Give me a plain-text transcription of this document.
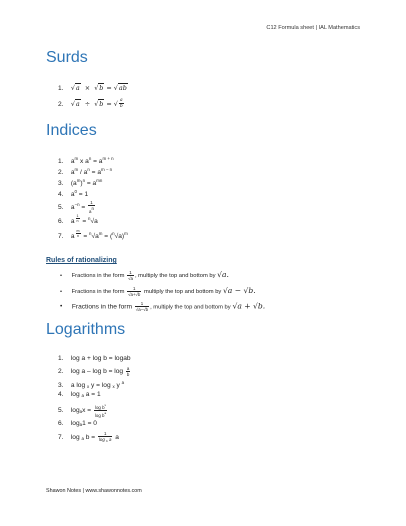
C12 Formula sheet | IAL Mathematics
Surds
1. √a  ×  √b = √ab
2. √a  ÷  √b = √ $\frac{a}{b}$
Indices
1. $a^m$ x $a^n = a^{m + n}$
2. $a^m / a^n = a^{m - n}$
3. $(a^m)^n = a^{mn}$
4. $a^0 = 1$
5. $a^{-n} = \frac{1}{a^n}$
6. a $^{\frac{1}{n}}$ = $^n$√a
7. a $^{\frac{m}{n}} = ^n√a^m = (^n√a)^m$
Rules of rationalizing
• Fractions in the form $\frac{1}{√a}$ , multiply the top and bottom by √a.
• Fractions in the form $\frac{1}{√a+√b}$ multiply the top and bottom by √a − √b.
• Fractions in the form $\frac{1}{√a-√b}$ , multiply the top and bottom by √a + √b.
Logarithms
1. log a + log b = logab
2. $\log a - \log b = \log \frac{a}{b}$
3. a log $_x$ y = log $_x$ y $^a$
4. log $_a$ a = 1
5. $\log_ax = \frac{\log b^x}{\log b^a}$
6. $\log_a1 = 0$
7. log $_a$ $b = \frac{1}{\log _b a}$ a
Shawon Notes | www.shawonnotes.com
